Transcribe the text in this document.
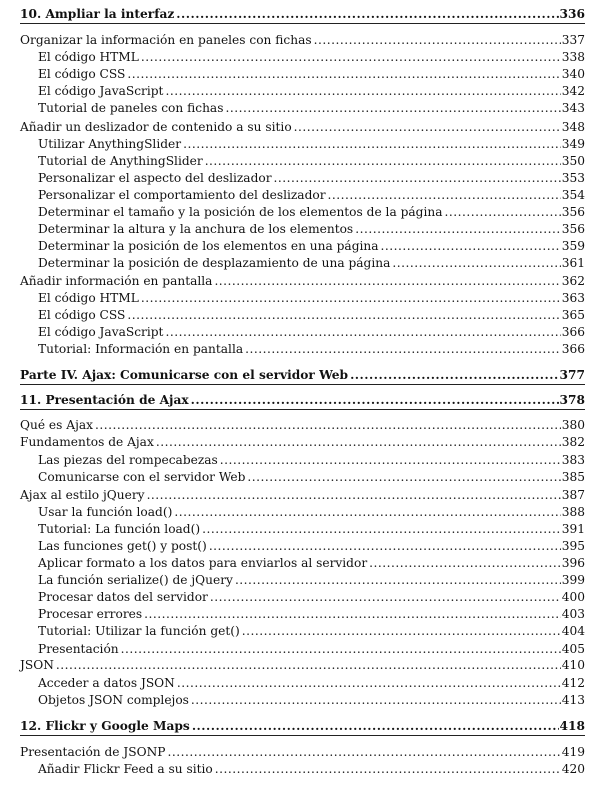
10. Ampliar la interfaz .....	336
Organizar la información en paneles con fichas .....	337
El código HTML .....	338
El código CSS .....	340
El código JavaScript .....	342
Tutorial de paneles con fichas .....	343
Añadir un deslizador de contenido a su sitio .....	348
Utilizar AnythingSlider .....	349
Tutorial de AnythingSlider .....	350
Personalizar el aspecto del deslizador .....	353
Personalizar el comportamiento del deslizador .....	354
Determinar el tamaño y la posición de los elementos de la página .....	356
Determinar la altura y la anchura de los elementos .....	356
Determinar la posición de los elementos en una página .....	359
Determinar la posición de desplazamiento de una página .....	361
Añadir información en pantalla .....	362
El código HTML .....	363
El código CSS .....	365
El código JavaScript .....	366
Tutorial: Información en pantalla .....	366
Parte IV. Ajax: Comunicarse con el servidor Web .....	377
11. Presentación de Ajax .....	378
Qué es Ajax .....	380
Fundamentos de Ajax .....	382
Las piezas del rompecabezas .....	383
Comunicarse con el servidor Web .....	385
Ajax al estilo jQuery .....	387
Usar la función load() .....	388
Tutorial: La función load() .....	391
Las funciones get() y post() .....	395
Aplicar formato a los datos para enviarlos al servidor .....	396
La función serialize() de jQuery .....	399
Procesar datos del servidor .....	400
Procesar errores .....	403
Tutorial: Utilizar la función get() .....	404
Presentación .....	405
JSON .....	410
Acceder a datos JSON .....	412
Objetos JSON complejos .....	413
12. Flickr y Google Maps .....	418
Presentación de JSONP .....	419
Añadir Flickr Feed a su sitio .....	420
